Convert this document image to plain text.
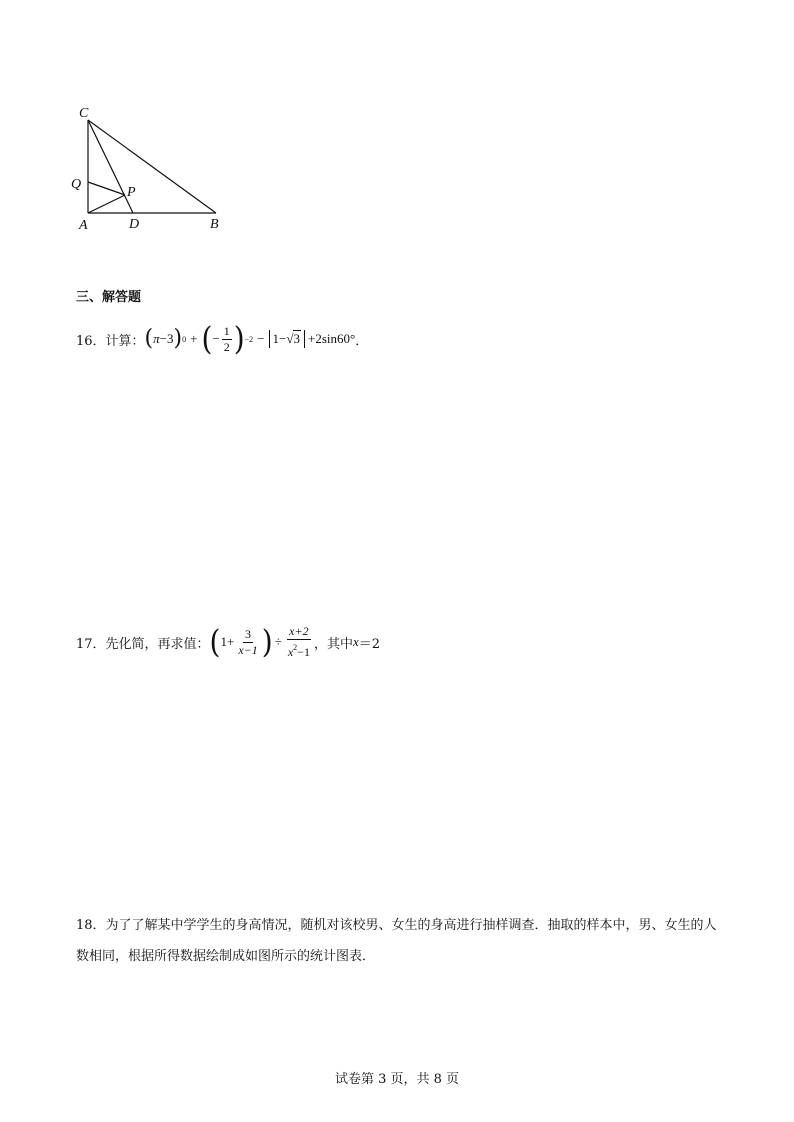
C
Q
P
A	D	B
三、解答题
16．计算： ( π −3 ) 0 + ( − $\frac{1}{2}$ ) −2 − 1−√3 +2sin60° ．
17．先化简，再求值： ( $1+ \frac{3}{x-1}$ ) ÷ $\frac{x+2}{x^2-1}$ ，其中 x ＝2
18．为了了解某中学学生的身高情况，随机对该校男、女生的身高进行抽样调查．抽取的样本中，男、女生的人数相同，根据所得数据绘制成如图所示的统计图表．
试卷第 3 页，共 8 页
